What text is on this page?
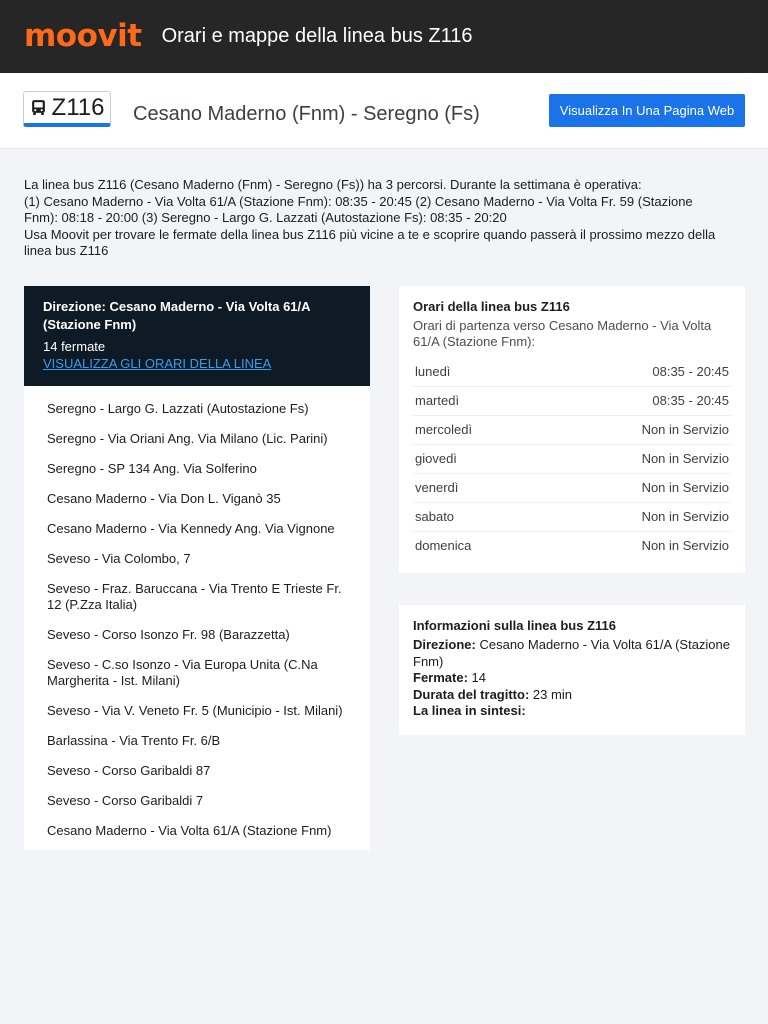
moovit Orari e mappe della linea bus Z116
Z116 Cesano Maderno (Fnm) - Seregno (Fs)	Visualizza In Una Pagina Web

La linea bus Z116 (Cesano Maderno (Fnm) - Seregno (Fs)) ha 3 percorsi. Durante la settimana è operativa:
(1) Cesano Maderno - Via Volta 61/A (Stazione Fnm): 08:35 - 20:45 (2) Cesano Maderno - Via Volta Fr. 59 (Stazione
Fnm): 08:18 - 20:00 (3) Seregno - Largo G. Lazzati (Autostazione Fs): 08:35 - 20:20

Usa Moovit per trovare le fermate della linea bus Z116 più vicine a te e scoprire quando passerà il prossimo mezzo della linea bus Z116

Direzione: Cesano Maderno - Via Volta 61/A (Stazione Fnm)
14 fermate
VISUALIZZA GLI ORARI DELLA LINEA
Seregno - Largo G. Lazzati (Autostazione Fs)
Seregno - Via Oriani Ang. Via Milano (Lic. Parini)
Seregno - SP 134 Ang. Via Solferino
Cesano Maderno - Via Don L. Viganò 35
Cesano Maderno - Via Kennedy Ang. Via Vignone
Seveso - Via Colombo, 7
Seveso - Fraz. Baruccana - Via Trento E Trieste Fr. 12 (P.Zza Italia)
Seveso - Corso Isonzo Fr. 98 (Barazzetta)
Seveso - C.so Isonzo - Via Europa Unita (C.Na Margherita - Ist. Milani)
Seveso - Via V. Veneto Fr. 5 (Municipio - Ist. Milani)
Barlassina - Via Trento Fr. 6/B
Seveso - Corso Garibaldi 87
Seveso - Corso Garibaldi 7
Cesano Maderno - Via Volta 61/A (Stazione Fnm)
Orari della linea bus Z116
Orari di partenza verso Cesano Maderno - Via Volta 61/A (Stazione Fnm):
lunedì	08:35 - 20:45
martedì	08:35 - 20:45
mercoledì	Non in Servizio
giovedì	Non in Servizio
venerdì	Non in Servizio
sabato	Non in Servizio
domenica	Non in Servizio
Informazioni sulla linea bus Z116
Direzione: Cesano Maderno - Via Volta 61/A (Stazione Fnm)
Fermate: 14
Durata del tragitto: 23 min
La linea in sintesi:
